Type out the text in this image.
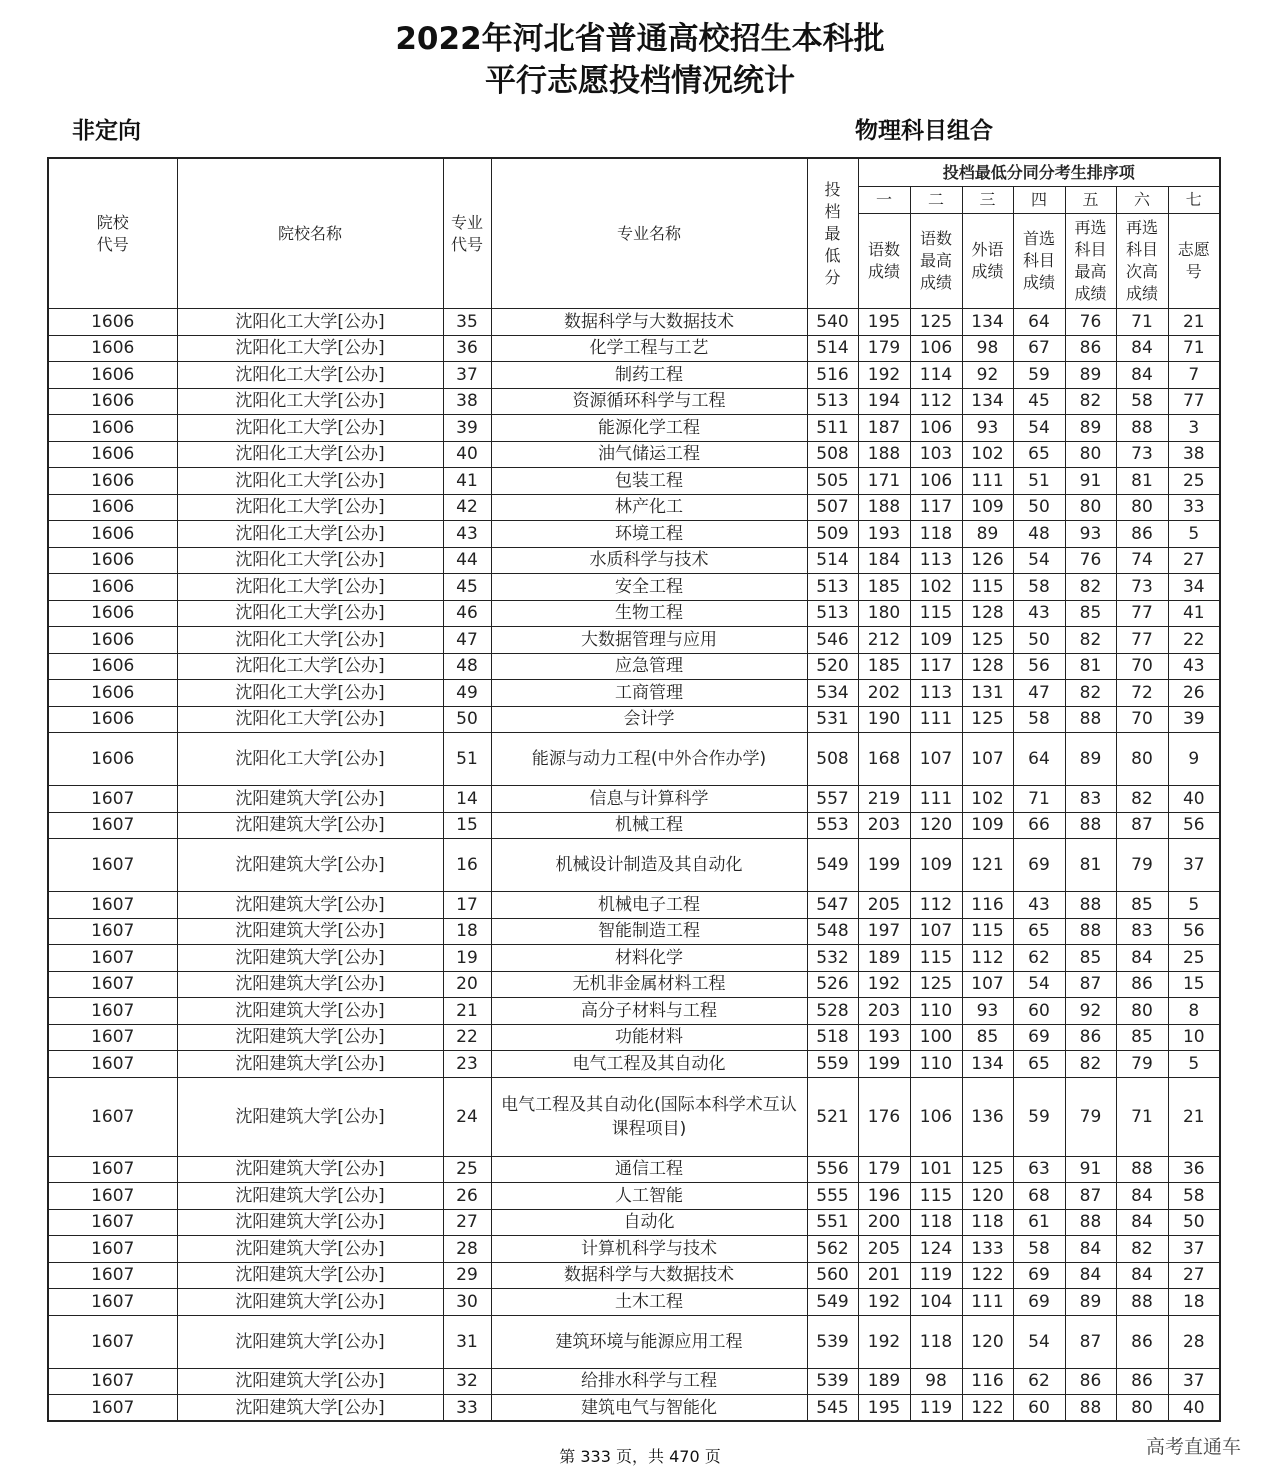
2022年河北省普通高校招生本科批
平行志愿投档情况统计
非定向	物理科目组合
院校代号	院校名称	专业代号	专业名称	投档最低分	投档最低分同分考生排序项						
					一	二	三	四	五	六	七

					语数成绩	语数最高成绩	外语成绩	首选科目成绩	再选科目最高成绩	再选科目次高成绩	志愿号

1606	沈阳化工大学[公办]	35	数据科学与大数据技术	540	195	125	134	64	76	71	21
1606	沈阳化工大学[公办]	36	化学工程与工艺	514	179	106	98	67	86	84	71
1606	沈阳化工大学[公办]	37	制药工程	516	192	114	92	59	89	84	7
1606	沈阳化工大学[公办]	38	资源循环科学与工程	513	194	112	134	45	82	58	77
1606	沈阳化工大学[公办]	39	能源化学工程	511	187	106	93	54	89	88	3
1606	沈阳化工大学[公办]	40	油气储运工程	508	188	103	102	65	80	73	38
1606	沈阳化工大学[公办]	41	包装工程	505	171	106	111	51	91	81	25
1606	沈阳化工大学[公办]	42	林产化工	507	188	117	109	50	80	80	33
1606	沈阳化工大学[公办]	43	环境工程	509	193	118	89	48	93	86	5
1606	沈阳化工大学[公办]	44	水质科学与技术	514	184	113	126	54	76	74	27
1606	沈阳化工大学[公办]	45	安全工程	513	185	102	115	58	82	73	34
1606	沈阳化工大学[公办]	46	生物工程	513	180	115	128	43	85	77	41
1606	沈阳化工大学[公办]	47	大数据管理与应用	546	212	109	125	50	82	77	22
1606	沈阳化工大学[公办]	48	应急管理	520	185	117	128	56	81	70	43
1606	沈阳化工大学[公办]	49	工商管理	534	202	113	131	47	82	72	26
1606	沈阳化工大学[公办]	50	会计学	531	190	111	125	58	88	70	39
1606	沈阳化工大学[公办]	51	能源与动力工程(中外合作办学)	508	168	107	107	64	89	80	9
1607	沈阳建筑大学[公办]	14	信息与计算科学	557	219	111	102	71	83	82	40
1607	沈阳建筑大学[公办]	15	机械工程	553	203	120	109	66	88	87	56
1607	沈阳建筑大学[公办]	16	机械设计制造及其自动化	549	199	109	121	69	81	79	37
1607	沈阳建筑大学[公办]	17	机械电子工程	547	205	112	116	43	88	85	5
1607	沈阳建筑大学[公办]	18	智能制造工程	548	197	107	115	65	88	83	56
1607	沈阳建筑大学[公办]	19	材料化学	532	189	115	112	62	85	84	25
1607	沈阳建筑大学[公办]	20	无机非金属材料工程	526	192	125	107	54	87	86	15
1607	沈阳建筑大学[公办]	21	高分子材料与工程	528	203	110	93	60	92	80	8
1607	沈阳建筑大学[公办]	22	功能材料	518	193	100	85	69	86	85	10
1607	沈阳建筑大学[公办]	23	电气工程及其自动化	559	199	110	134	65	82	79	5
1607	沈阳建筑大学[公办]	24	电气工程及其自动化(国际本科学术互认课程项目)	521	176	106	136	59	79	71	21
1607	沈阳建筑大学[公办]	25	通信工程	556	179	101	125	63	91	88	36
1607	沈阳建筑大学[公办]	26	人工智能	555	196	115	120	68	87	84	58
1607	沈阳建筑大学[公办]	27	自动化	551	200	118	118	61	88	84	50
1607	沈阳建筑大学[公办]	28	计算机科学与技术	562	205	124	133	58	84	82	37
1607	沈阳建筑大学[公办]	29	数据科学与大数据技术	560	201	119	122	69	84	84	27
1607	沈阳建筑大学[公办]	30	土木工程	549	192	104	111	69	89	88	18
1607	沈阳建筑大学[公办]	31	建筑环境与能源应用工程	539	192	118	120	54	87	86	28
1607	沈阳建筑大学[公办]	32	给排水科学与工程	539	189	98	116	62	86	86	37
1607	沈阳建筑大学[公办]	33	建筑电气与智能化	545	195	119	122	60	88	80	40
第 333 页，共 470 页	高考直通车
